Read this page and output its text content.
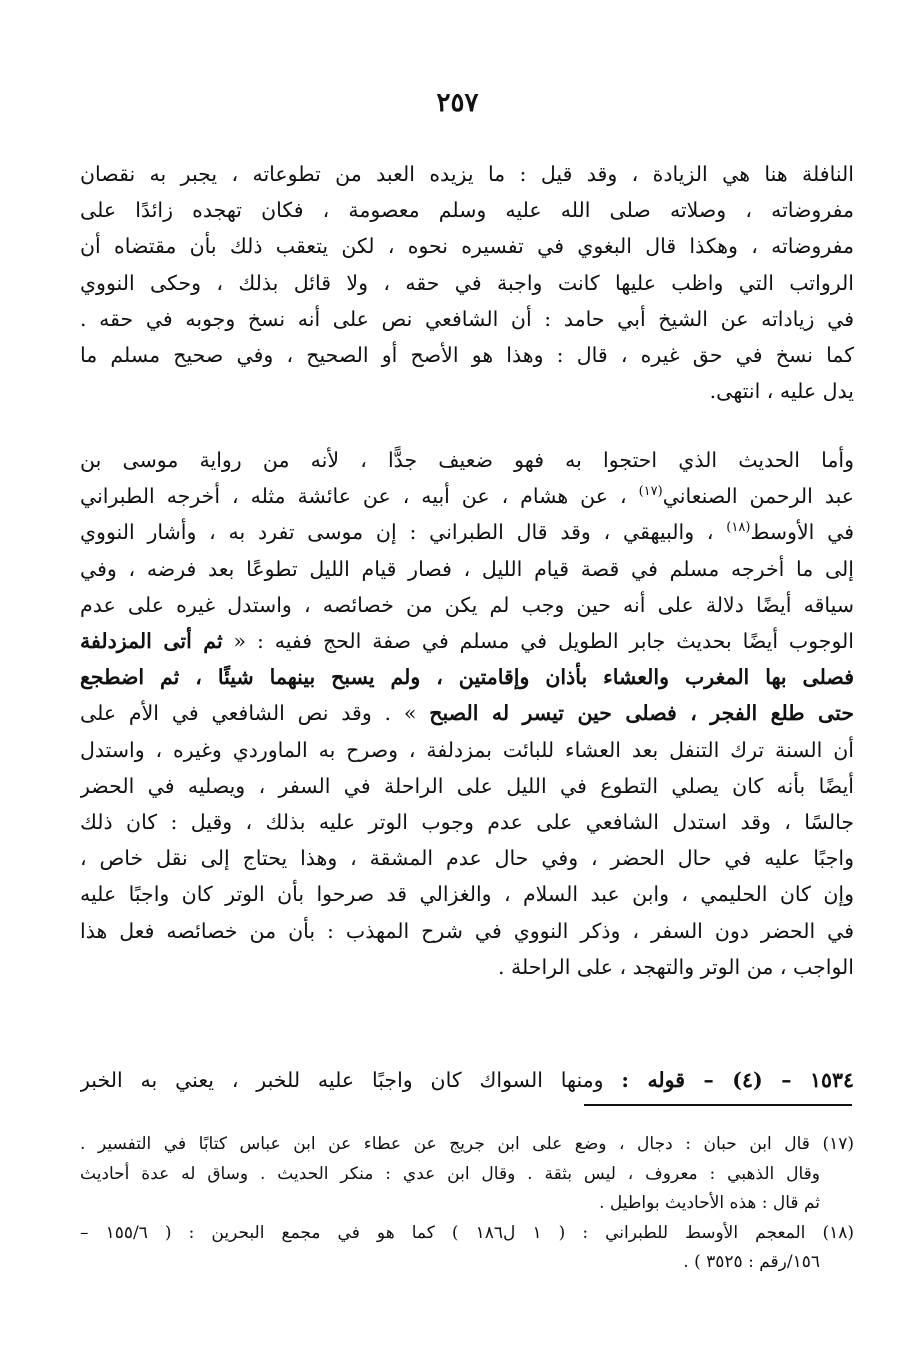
٢٥٧
النافلة هنا هي الزيادة ، وقد قيل : ما يزيده العبد من تطوعاته ، يجبر به نقصان
مفروضاته ، وصلاته صلى الله عليه وسلم معصومة ، فكان تهجده زائدًا على
مفروضاته ، وهكذا قال البغوي في تفسيره نحوه ، لكن يتعقب ذلك بأن مقتضاه أن
الرواتب التي واظب عليها كانت واجبة في حقه ، ولا قائل بذلك ، وحكى النووي
في زياداته عن الشيخ أبي حامد : أن الشافعي نص على أنه نسخ وجوبه في حقه .
كما نسخ في حق غيره ، قال : وهذا هو الأصح أو الصحيح ، وفي صحيح مسلم ما
يدل عليه ، انتهى.
وأما الحديث الذي احتجوا به فهو ضعيف جدًّا ، لأنه من رواية موسى بن
عبد الرحمن الصنعاني$^{(١٧)}$ ، عن هشام ، عن أبيه ، عن عائشة مثله ، أخرجه الطبراني
في الأوسط$^{(١٨)}$ ، والبيهقي ، وقد قال الطبراني : إن موسى تفرد به ، وأشار النووي
إلى ما أخرجه مسلم في قصة قيام الليل ، فصار قيام الليل تطوعًا بعد فرضه ، وفي
سياقه أيضًا دلالة على أنه حين وجب لم يكن من خصائصه ، واستدل غيره على عدم
الوجوب أيضًا بحديث جابر الطويل في مسلم في صفة الحج ففيه : « ثم أتى المزدلفة
فصلى بها المغرب والعشاء بأذان وإقامتين ، ولم يسبح بينهما شيئًا ، ثم اضطجع
حتى طلع الفجر ، فصلى حين تيسر له الصبح » . وقد نص الشافعي في الأم على
أن السنة ترك التنفل بعد العشاء للبائت بمزدلفة ، وصرح به الماوردي وغيره ، واستدل
أيضًا بأنه كان يصلي التطوع في الليل على الراحلة في السفر ، ويصليه في الحضر
جالسًا ، وقد استدل الشافعي على عدم وجوب الوتر عليه بذلك ، وقيل : كان ذلك
واجبًا عليه في حال الحضر ، وفي حال عدم المشقة ، وهذا يحتاج إلى نقل خاص ،
وإن كان الحليمي ، وابن عبد السلام ، والغزالي قد صرحوا بأن الوتر كان واجبًا عليه
في الحضر دون السفر ، وذكر النووي في شرح المهذب : بأن من خصائصه فعل هذا
الواجب ، من الوتر والتهجد ، على الراحلة .
١٥٣٤ – (٤) – قوله : ومنها السواك كان واجبًا عليه للخبر ، يعني به الخبر
(١٧) قال ابن حبان : دجال ، وضع على ابن جريج عن عطاء عن ابن عباس كتابًا في التفسير .
وقال الذهبي : معروف ، ليس بثقة . وقال ابن عدي : منكر الحديث . وساق له عدة أحاديث
ثم قال : هذه الأحاديث بواطيل .
(١٨) المعجم الأوسط للطبراني : ( ١ ل١٨٦ ) كما هو في مجمع البحرين : ( ١٥٥/٦ –
١٥٦/رقم : ٣٥٢٥ ) .
